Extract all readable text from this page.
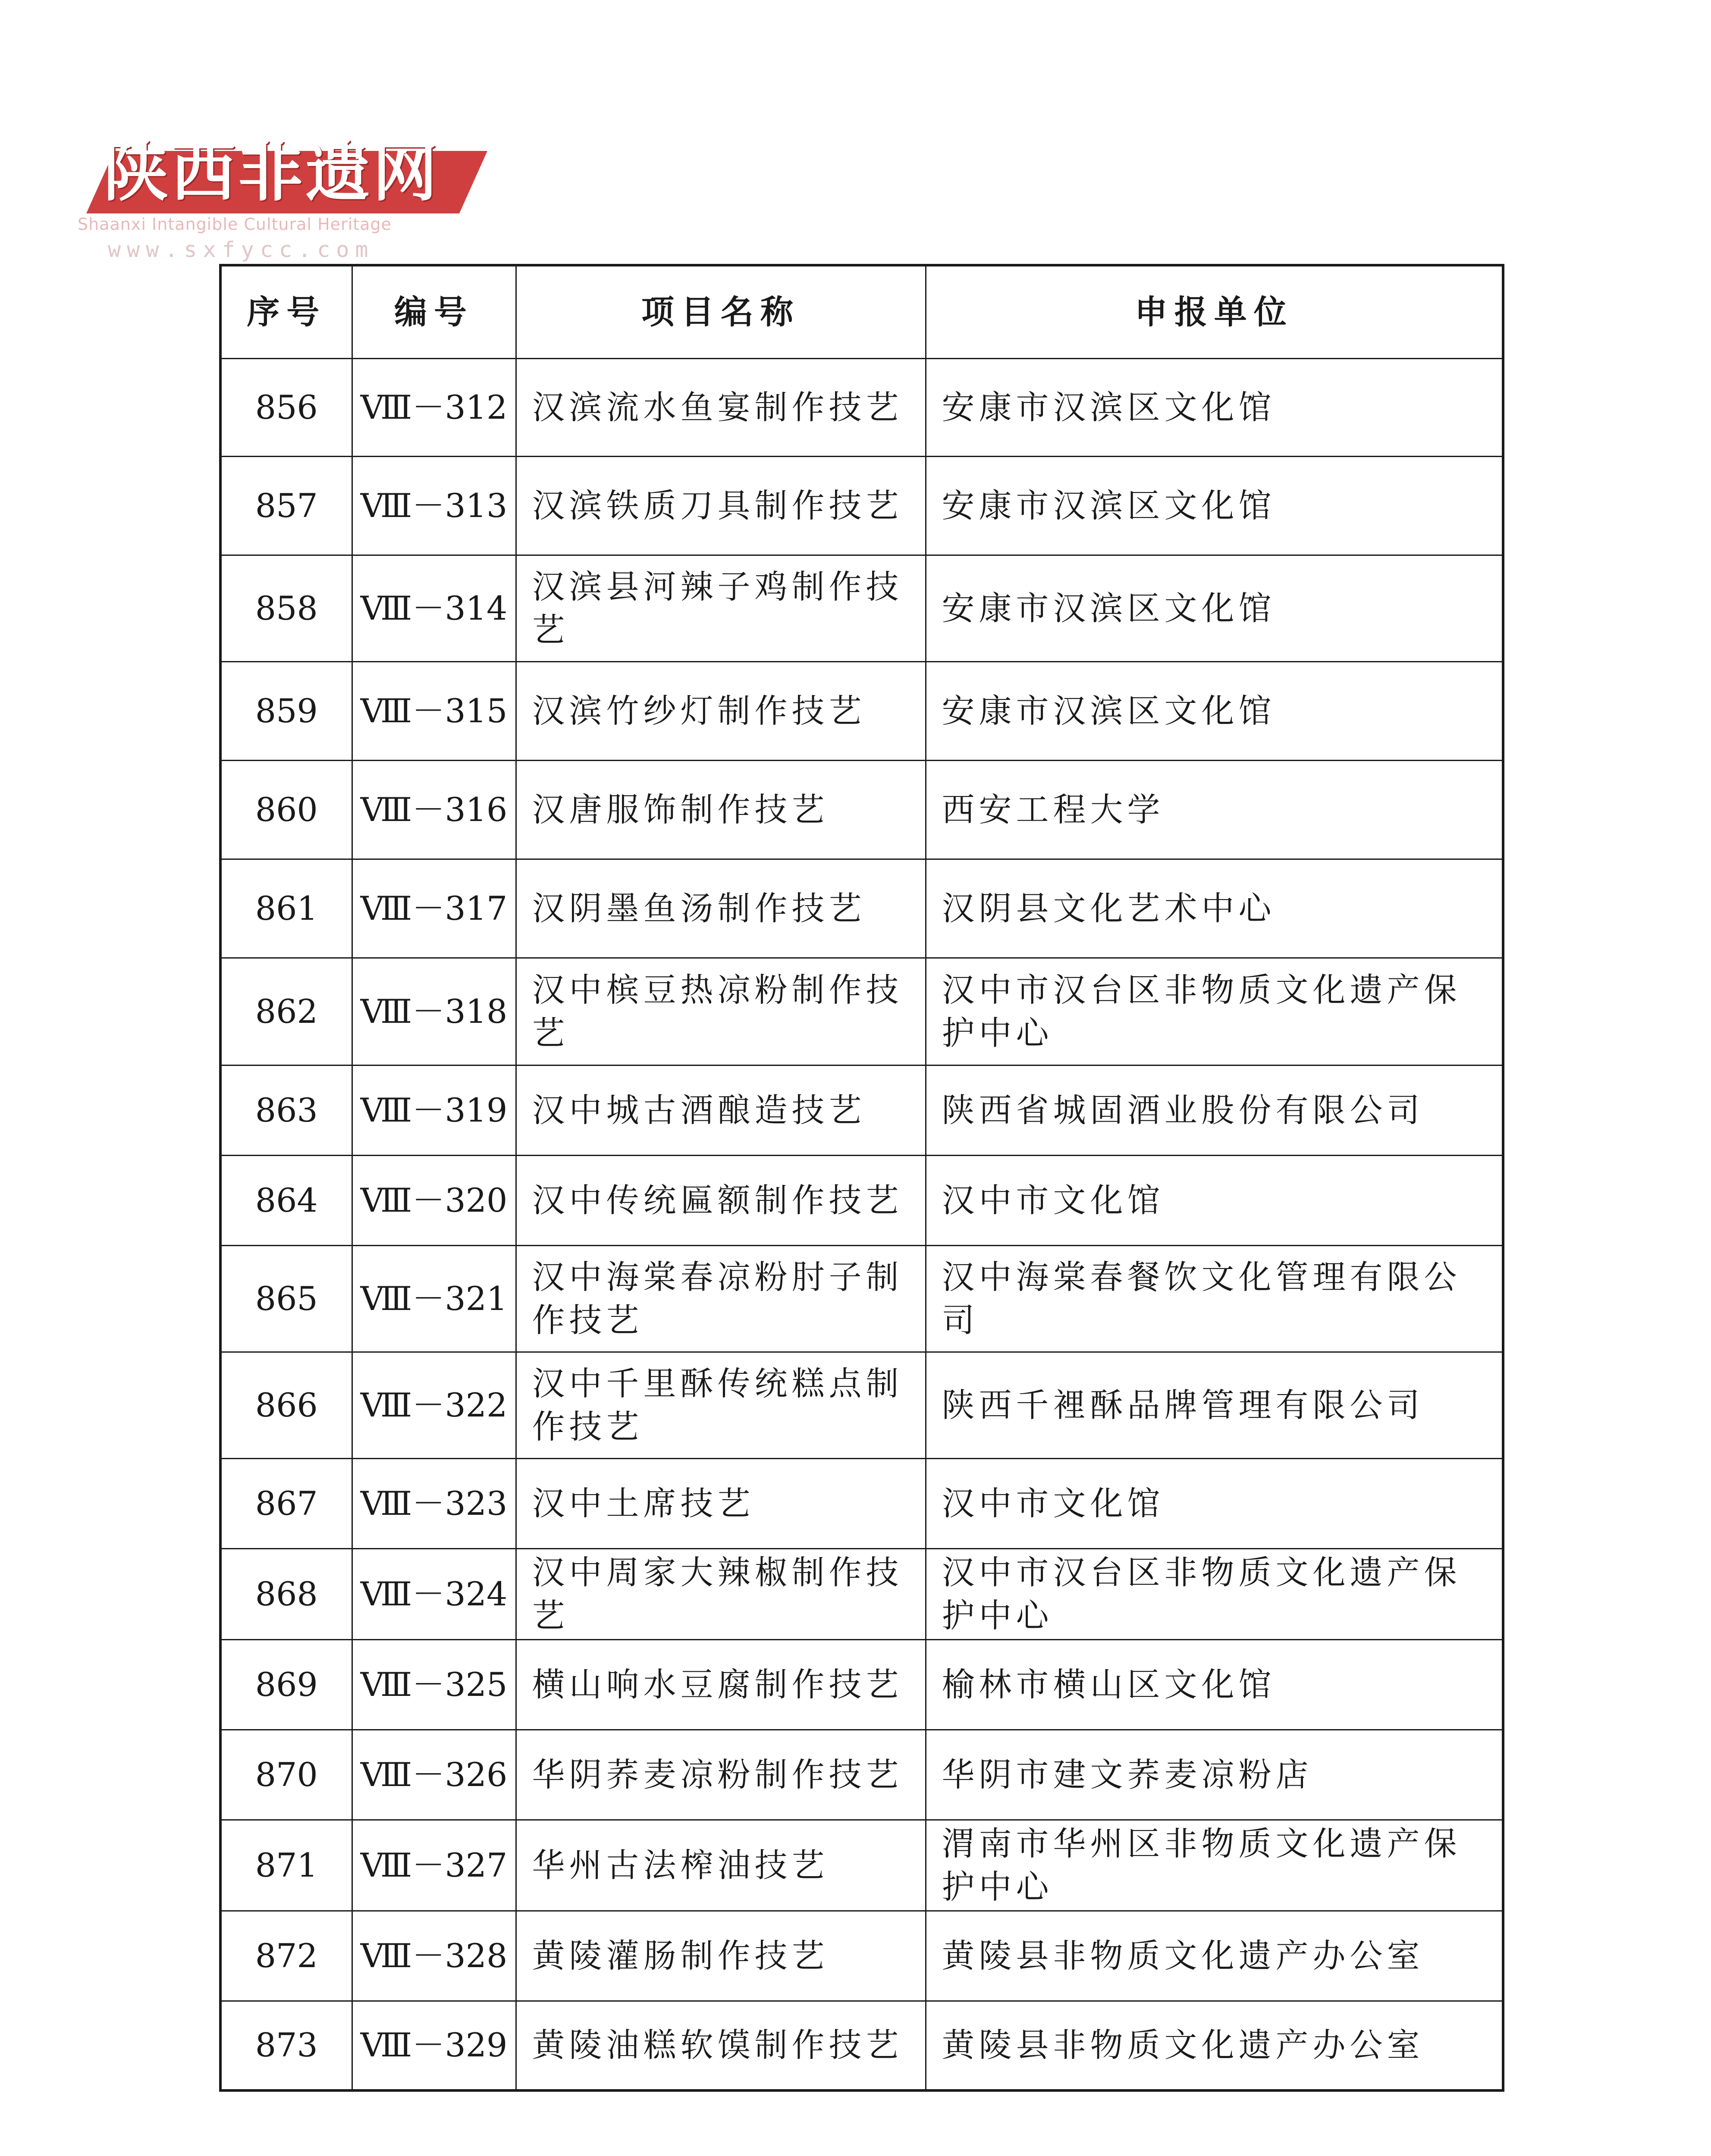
陕西非遗网
Shaanxi Intangible Cultural Heritage
www.sxfycc.com
序号	编号	项目名称	申报单位
856	Ⅷ－312	汉滨流水鱼宴制作技艺	安康市汉滨区文化馆
857	Ⅷ－313	汉滨铁质刀具制作技艺	安康市汉滨区文化馆
858	Ⅷ－314	汉滨县河辣子鸡制作技艺	安康市汉滨区文化馆
859	Ⅷ－315	汉滨竹纱灯制作技艺	安康市汉滨区文化馆
860	Ⅷ－316	汉唐服饰制作技艺	西安工程大学
861	Ⅷ－317	汉阴墨鱼汤制作技艺	汉阴县文化艺术中心
862	Ⅷ－318	汉中槟豆热凉粉制作技艺	汉中市汉台区非物质文化遗产保护中心
863	Ⅷ－319	汉中城古酒酿造技艺	陕西省城固酒业股份有限公司
864	Ⅷ－320	汉中传统匾额制作技艺	汉中市文化馆
865	Ⅷ－321	汉中海棠春凉粉肘子制作技艺	汉中海棠春餐饮文化管理有限公司
866	Ⅷ－322	汉中千里酥传统糕点制作技艺	陕西千裡酥品牌管理有限公司
867	Ⅷ－323	汉中土席技艺	汉中市文化馆
868	Ⅷ－324	汉中周家大辣椒制作技艺	汉中市汉台区非物质文化遗产保护中心
869	Ⅷ－325	横山响水豆腐制作技艺	榆林市横山区文化馆
870	Ⅷ－326	华阴荞麦凉粉制作技艺	华阴市建文荞麦凉粉店
871	Ⅷ－327	华州古法榨油技艺	渭南市华州区非物质文化遗产保护中心
872	Ⅷ－328	黄陵灌肠制作技艺	黄陵县非物质文化遗产办公室
873	Ⅷ－329	黄陵油糕软馍制作技艺	黄陵县非物质文化遗产办公室
